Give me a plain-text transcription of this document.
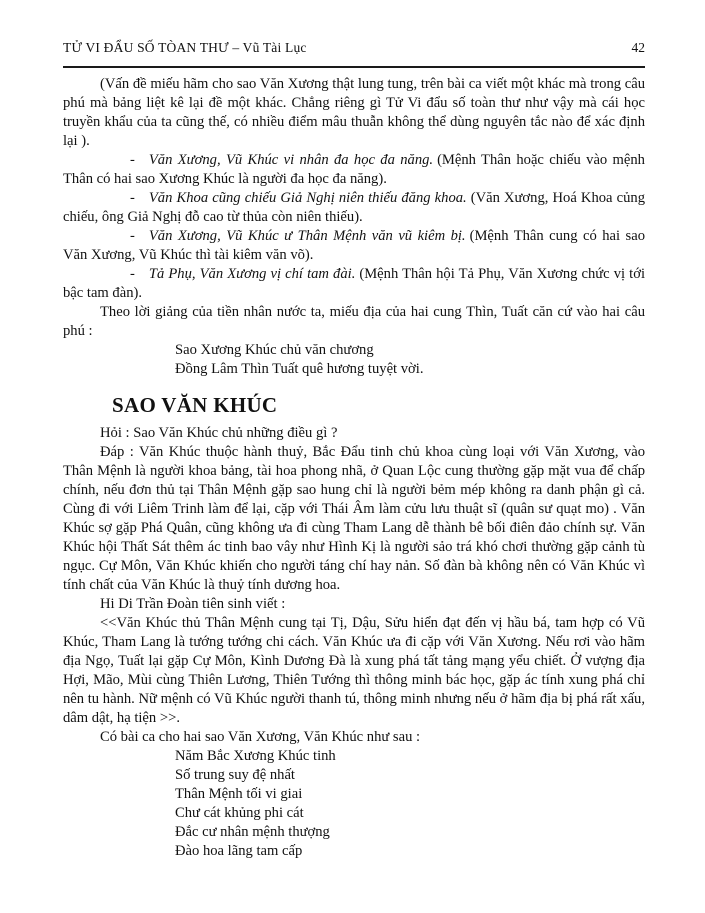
TỬ VI ĐẨU SỐ TÒAN THƯ – Vũ Tài Lục	42

(Vấn đề miếu hãm cho sao Văn Xương thật lung tung, trên bài ca viết một khác mà trong câu phú mà bảng liệt kê lại đề một khác. Chẳng riêng gì Tử Vi đẩu số toàn thư như vậy mà cái học truyền khẩu của ta cũng thế, có nhiều điểm mâu thuẫn không thể dùng nguyên tắc nào để xác định lại ).

- Văn Xương, Vũ Khúc vi nhân đa học đa năng. (Mệnh Thân hoặc chiếu vào mệnh Thân có hai sao Xương Khúc là người đa học đa năng).

- Văn Khoa cũng chiếu Giả Nghị niên thiếu đăng khoa. (Văn Xương, Hoá Khoa củng chiếu, ông Giả Nghị đỗ cao từ thủa còn niên thiếu).

- Văn Xương, Vũ Khúc ư Thân Mệnh văn vũ kiêm bị. (Mệnh Thân cung có hai sao Văn Xương, Vũ Khúc thì tài kiêm văn võ).

- Tả Phụ, Văn Xương vị chí tam đài. (Mệnh Thân hội Tả Phụ, Văn Xương chức vị tới bậc tam đàn).

Theo lời giảng của tiền nhân nước ta, miếu địa của hai cung Thìn, Tuất căn cứ vào hai câu phú :

Sao Xương Khúc chủ văn chương
Đồng Lâm Thìn Tuất quê hương tuyệt vời.
SAO VĂN KHÚC

Hỏi : Sao Văn Khúc chủ những điều gì ?

Đáp : Văn Khúc thuộc hành thuỷ, Bắc Đẩu tinh chủ khoa cùng loại với Văn Xương, vào Thân Mệnh là người khoa bảng, tài hoa phong nhã, ở Quan Lộc cung thường gặp mặt vua để chấp chính, nếu đơn thủ tại Thân Mệnh gặp sao hung chỉ là người bẻm mép không ra danh phận gì cả. Cùng đi với Liêm Trinh làm để lại, cặp với Thái Âm làm cửu lưu thuật sĩ (quân sư quạt mo) . Văn Khúc sợ gặp Phá Quân, cũng không ưa đi cùng Tham Lang dễ thành bê bối điên đảo chính sự. Văn Khúc hội Thất Sát thêm ác tinh bao vây như Hình Kị là người sảo trá khó chơi thường gặp cảnh tù ngục. Cự Môn, Văn Khúc khiến cho người táng chí hay nản. Số đàn bà không nên có Văn Khúc vì tính chất của Văn Khúc là thuỷ tính dương hoa.

Hi Di Trần Đoàn tiên sinh viết :

<<Văn Khúc thủ Thân Mệnh cung tại Tị, Dậu, Sửu hiển đạt đến vị hầu bá, tam hợp có Vũ Khúc, Tham Lang là tướng tướng chi cách. Văn Khúc ưa đi cặp với Văn Xương. Nếu rơi vào hãm địa Ngọ, Tuất lại gặp Cự Môn, Kình Dương Đà là xung phá tất tảng mạng yểu chiết. Ở vượng địa Hợi, Mão, Mùi cùng Thiên Lương, Thiên Tướng thì thông minh bác học, gặp ác tính xung phá chỉ nên tu hành. Nữ mệnh có Vũ Khúc người thanh tú, thông minh nhưng nếu ở hãm địa bị phá rất xấu, dâm dật, hạ tiện >>.

Có bài ca cho hai sao Văn Xương, Văn Khúc như sau :

Năm Bắc Xương Khúc tinh
Số trung suy đệ nhất
Thân Mệnh tối vi giai
Chư cát khủng phi cát
Đắc cư nhân mệnh thượng
Đào hoa lãng tam cấp
